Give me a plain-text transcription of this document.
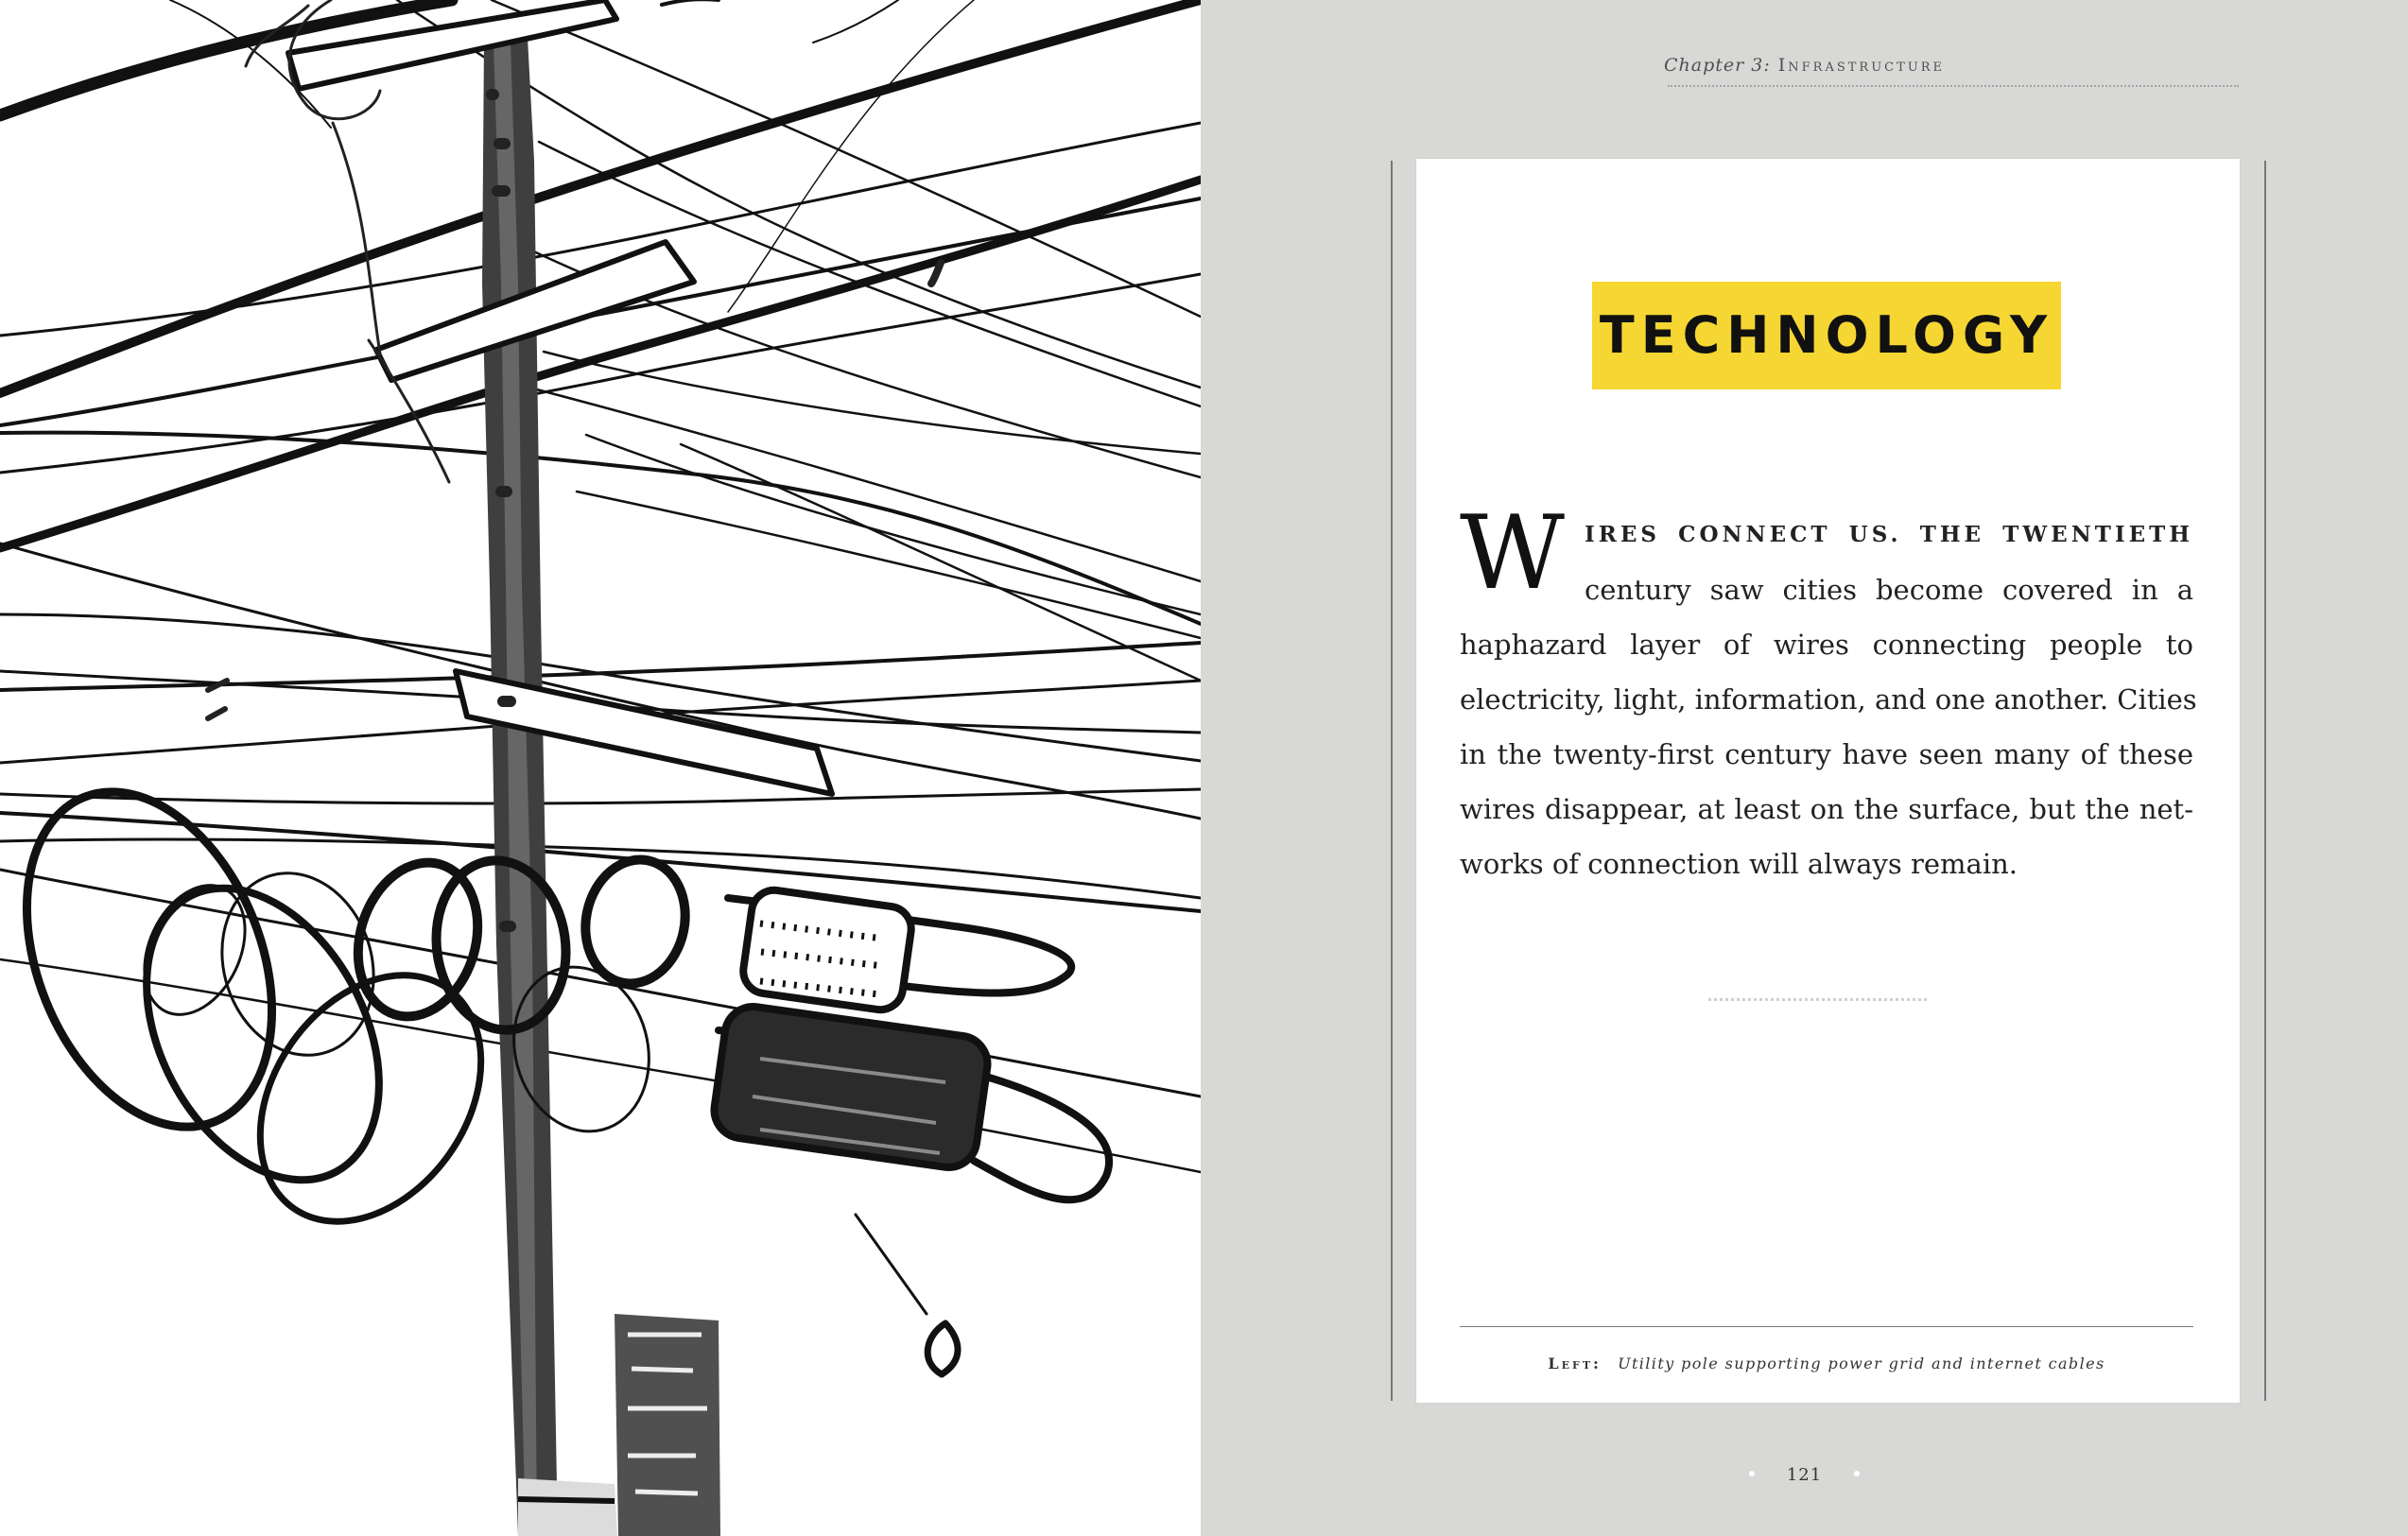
Chapter 3: Infrastructure
TECHNOLOGY
W IRES CONNECT US. THE TWENTIETH
century saw cities become covered in a
haphazard layer of wires connecting people to
electricity, light, information, and one another. Cities
in the twenty-first century have seen many of these
wires disappear, at least on the surface, but the net-
works of connection will always remain.
Left: Utility pole supporting power grid and internet cables
121
